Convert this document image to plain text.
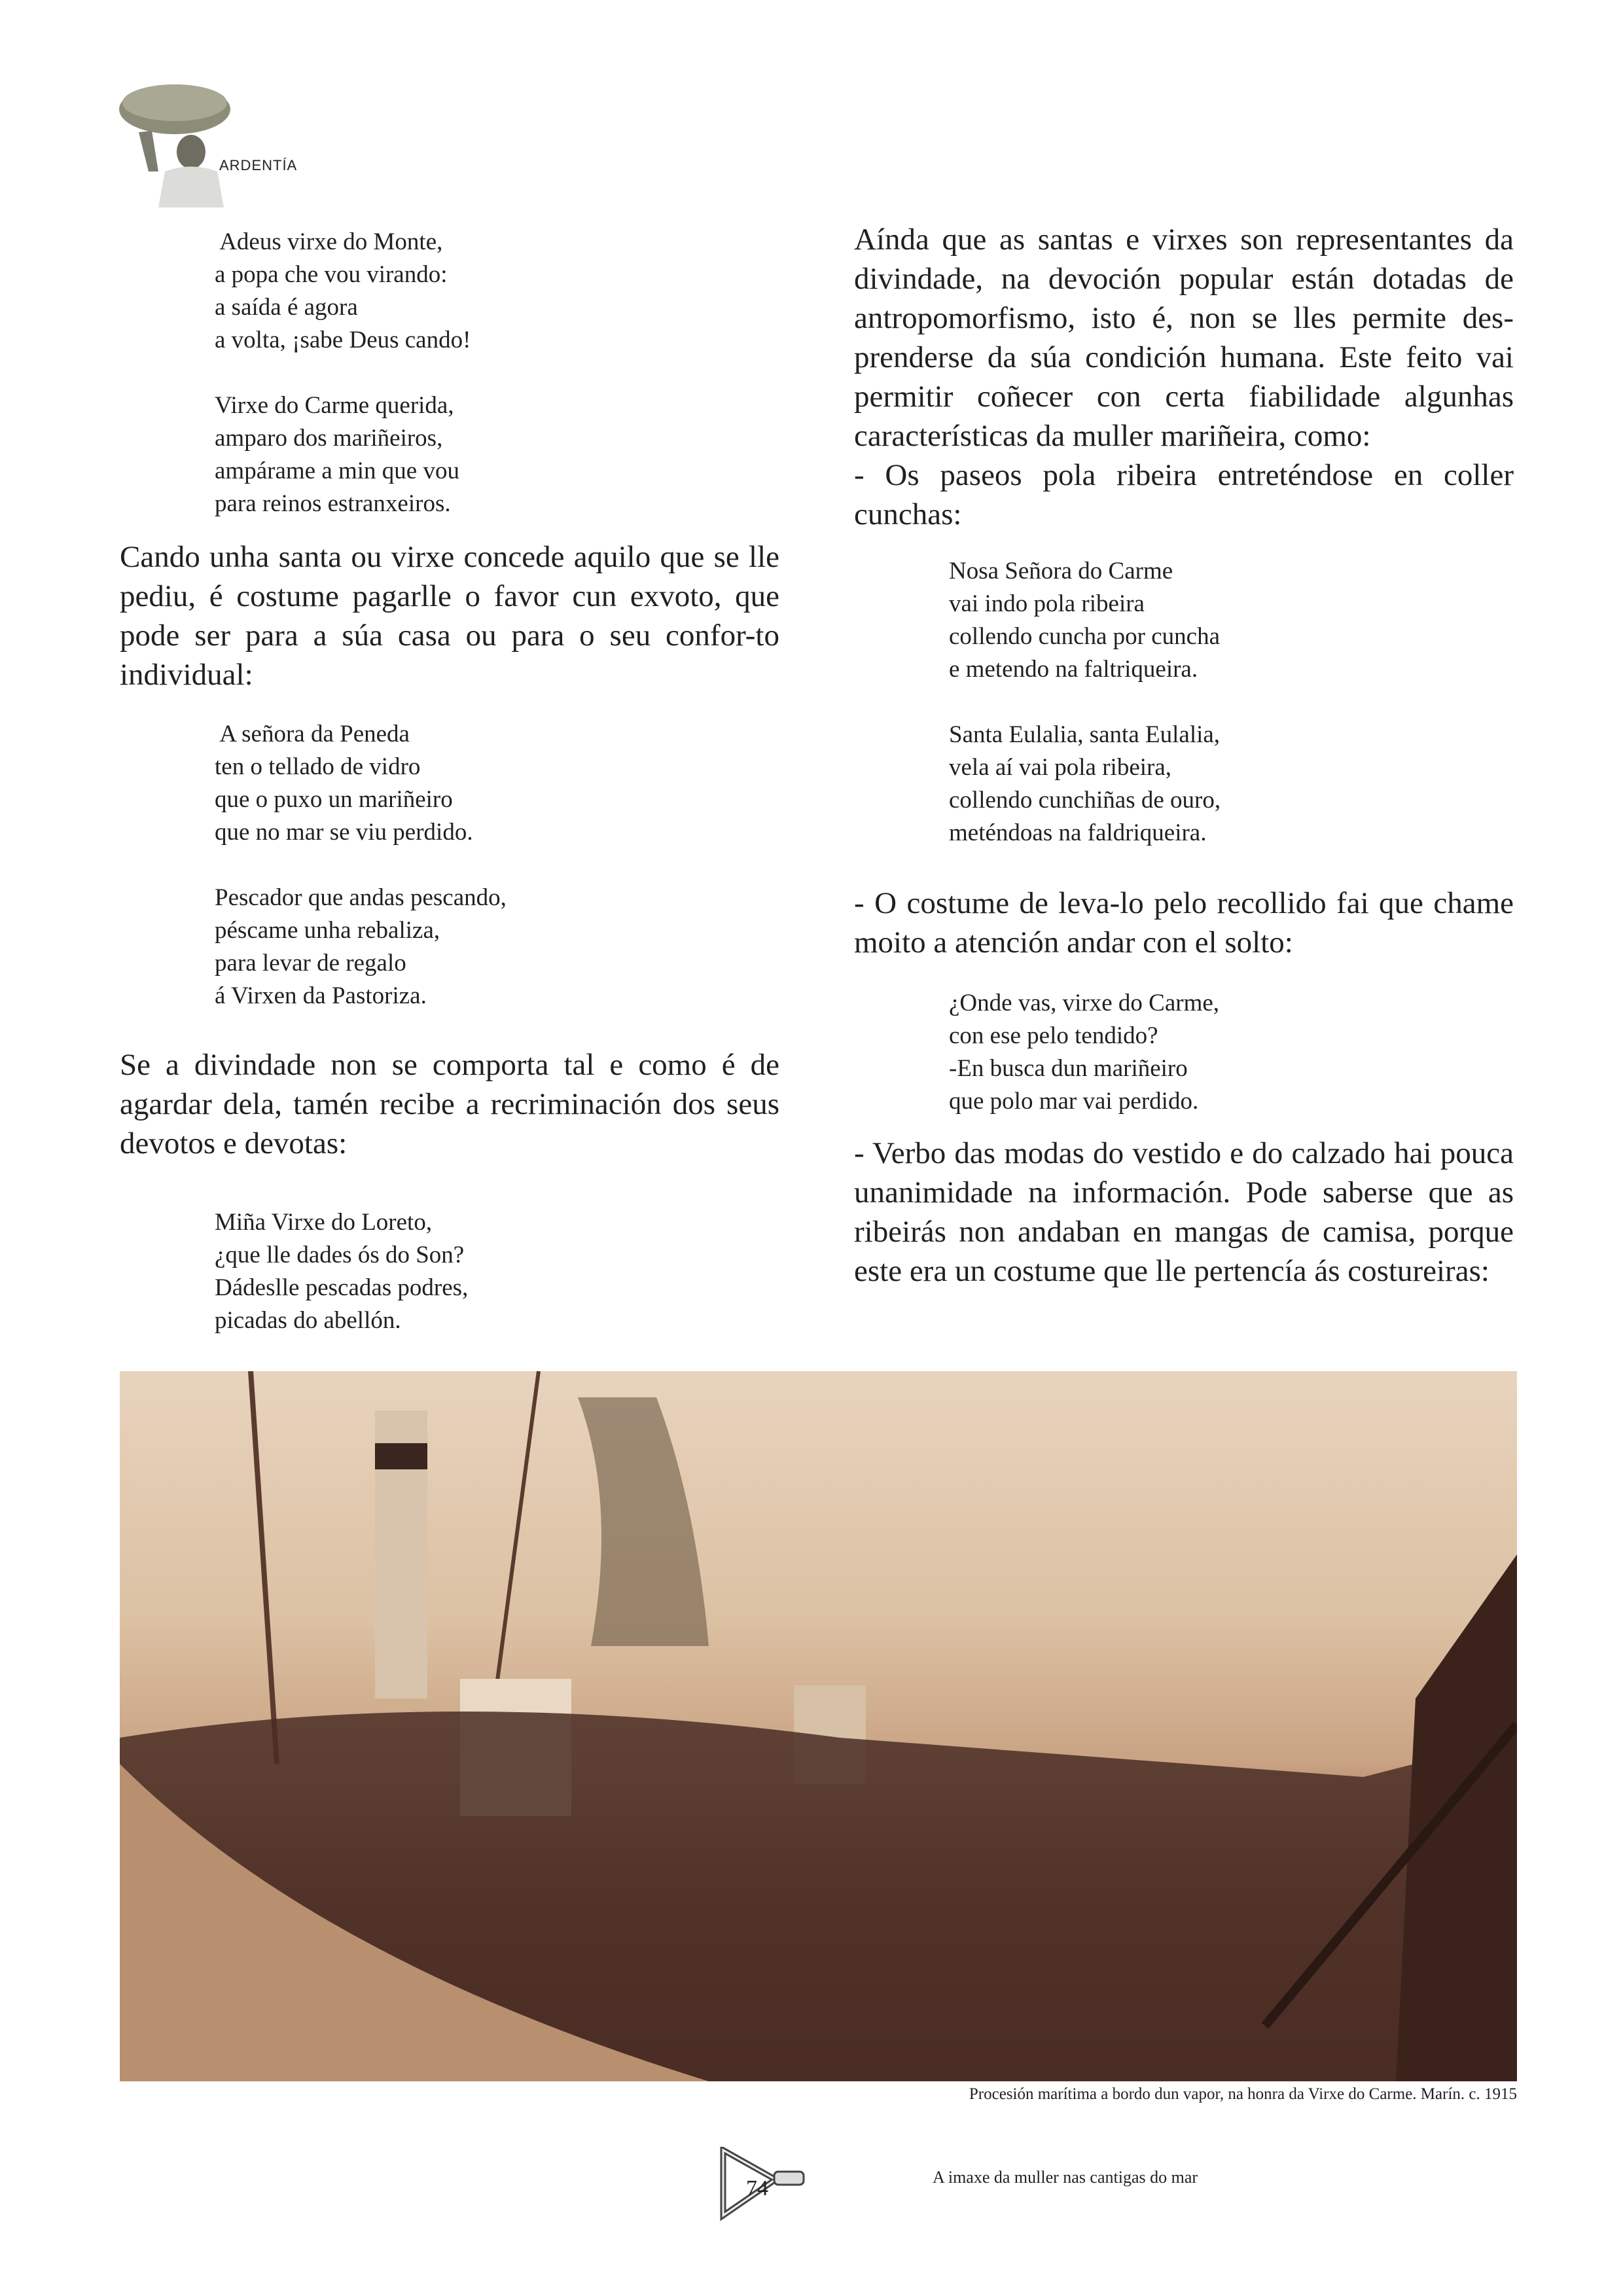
ARDENTÍA
Adeus virxe do Monte,
a popa che vou virando:
a saída é agora
a volta, ¡sabe Deus cando!
Virxe do Carme querida,
amparo dos mariñeiros,
ampárame a min que vou
para reinos estranxeiros.
Cando unha santa ou virxe concede aquilo que se lle pediu, é costume pagarlle o favor cun exvoto, que pode ser para a súa casa ou para o seu confor-to individual:
A señora da Peneda
ten o tellado de vidro
que o puxo un mariñeiro
que no mar se viu perdido.
Pescador que andas pescando,
péscame unha rebaliza,
para levar de regalo
á Virxen da Pastoriza.
Se a divindade non se comporta tal e como é de agardar dela, tamén recibe a recriminación dos seus devotos e devotas:
Miña Virxe do Loreto,
¿que lle dades ós do Son?
Dádeslle pescadas podres,
picadas do abellón.
Aínda que as santas e virxes son representantes da divindade, na devoción popular están dotadas de antropomorfismo, isto é, non se lles permite des-prenderse da súa condición humana. Este feito vai permitir coñecer con certa fiabilidade algunhas características da muller mariñeira, como:
- Os paseos pola ribeira entreténdose en coller cunchas:
Nosa Señora do Carme
vai indo pola ribeira
collendo cuncha por cuncha
e metendo na faltriqueira.
Santa Eulalia, santa Eulalia,
vela aí vai pola ribeira,
collendo cunchiñas de ouro,
meténdoas na faldriqueira.
- O costume de leva-lo pelo recollido fai que chame moito a atención andar con el solto:
¿Onde vas, virxe do Carme,
con ese pelo tendido?
-En busca dun mariñeiro
que polo mar vai perdido.
- Verbo das modas do vestido e do calzado hai pouca unanimidade na información. Pode saberse que as ribeirás non andaban en mangas de camisa, porque este era un costume que lle pertencía ás costureiras:
Procesión marítima a bordo dun vapor, na honra da Virxe do Carme. Marín. c. 1915
74	A imaxe da muller nas cantigas do mar
